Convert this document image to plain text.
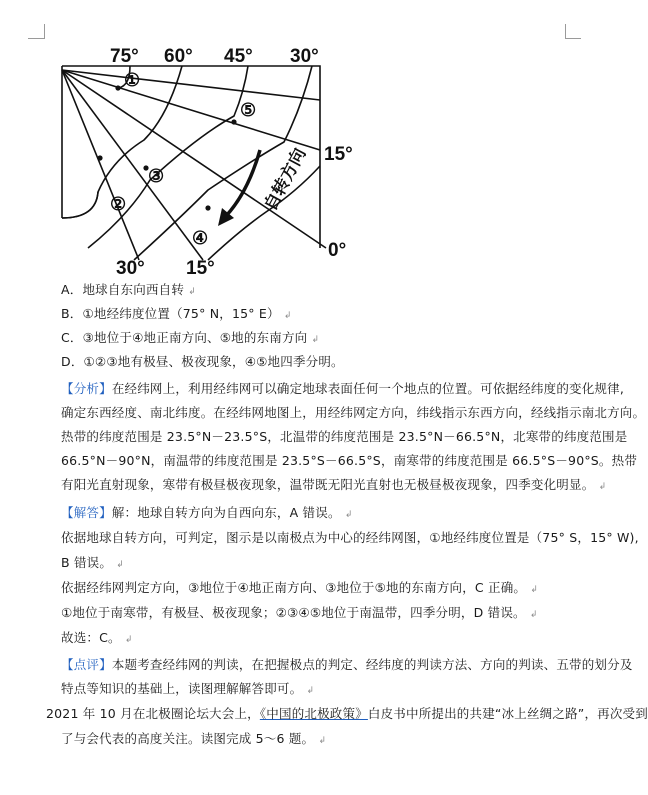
75° 60° 45° 30°
15°
0°
30° 15°
①
②
③
④
⑤
自转方向
A．地球自东向西自转 ↲
B．①地经纬度位置（75° N，15° E） ↲
C．③地位于④地正南方向、⑤地的东南方向 ↲
D．①②③地有极昼、极夜现象，④⑤地四季分明。
【分析】在经纬网上，利用经纬网可以确定地球表面任何一个地点的位置。可依据经纬度的变化规律,
确定东西经度、南北纬度。在经纬网地图上，用经纬网定方向，纬线指示东西方向，经线指示南北方向。
热带的纬度范围是 23.5°N－23.5°S，北温带的纬度范围是 23.5°N－66.5°N，北寒带的纬度范围是
66.5°N－90°N，南温带的纬度范围是 23.5°S－66.5°S，南寒带的纬度范围是 66.5°S－90°S。热带
有阳光直射现象，寒带有极昼极夜现象，温带既无阳光直射也无极昼极夜现象，四季变化明显。 ↲
【解答】解：地球自转方向为自西向东，A 错误。 ↲
依据地球自转方向，可判定，图示是以南极点为中心的经纬网图，①地经纬度位置是（75° S，15° W),
B 错误。 ↲
依据经纬网判定方向，③地位于④地正南方向、③地位于⑤地的东南方向，C 正确。 ↲
①地位于南寒带，有极昼、极夜现象；②③④⑤地位于南温带，四季分明，D 错误。 ↲
故选：C。 ↲
【点评】本题考查经纬网的判读，在把握极点的判定、经纬度的判读方法、方向的判读、五带的划分及
特点等知识的基础上，读图理解解答即可。 ↲
2021 年 10 月在北极圈论坛大会上，《中国的北极政策》白皮书中所提出的共建“冰上丝绸之路”，再次受到
了与会代表的高度关注。读图完成 5～6 题。 ↲
